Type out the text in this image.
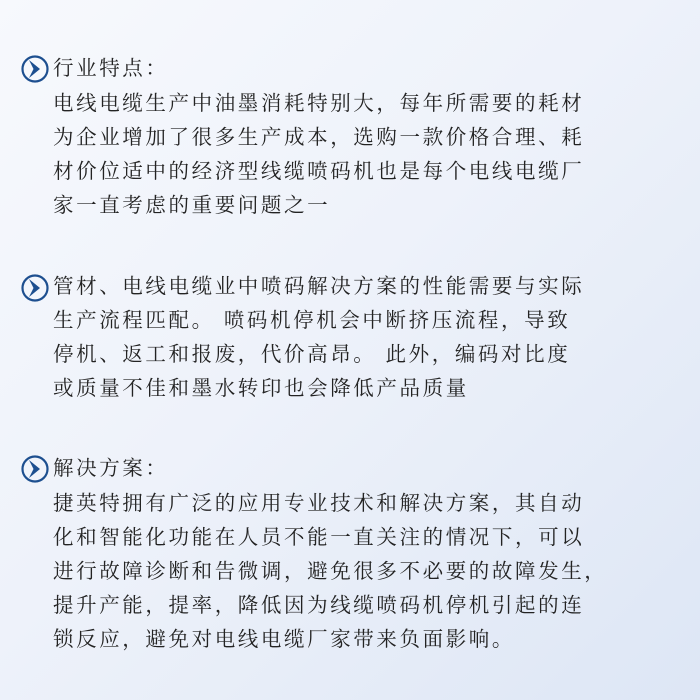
行业特点：

电线电缆生产中油墨消耗特别大，每年所需要的耗材
为企业增加了很多生产成本，选购一款价格合理、耗
材价位适中的经济型线缆喷码机也是每个电线电缆厂
家一直考虑的重要问题之一

管材、电线电缆业中喷码解决方案的性能需要与实际
生产流程匹配。 喷码机停机会中断挤压流程，导致
停机、返工和报废，代价高昂。 此外，编码对比度
或质量不佳和墨水转印也会降低产品质量

解决方案：

捷英特拥有广泛的应用专业技术和解决方案，其自动
化和智能化功能在人员不能一直关注的情况下，可以
进行故障诊断和告微调，避免很多不必要的故障发生，
提升产能，提率，降低因为线缆喷码机停机引起的连
锁反应，避免对电线电缆厂家带来负面影响。
